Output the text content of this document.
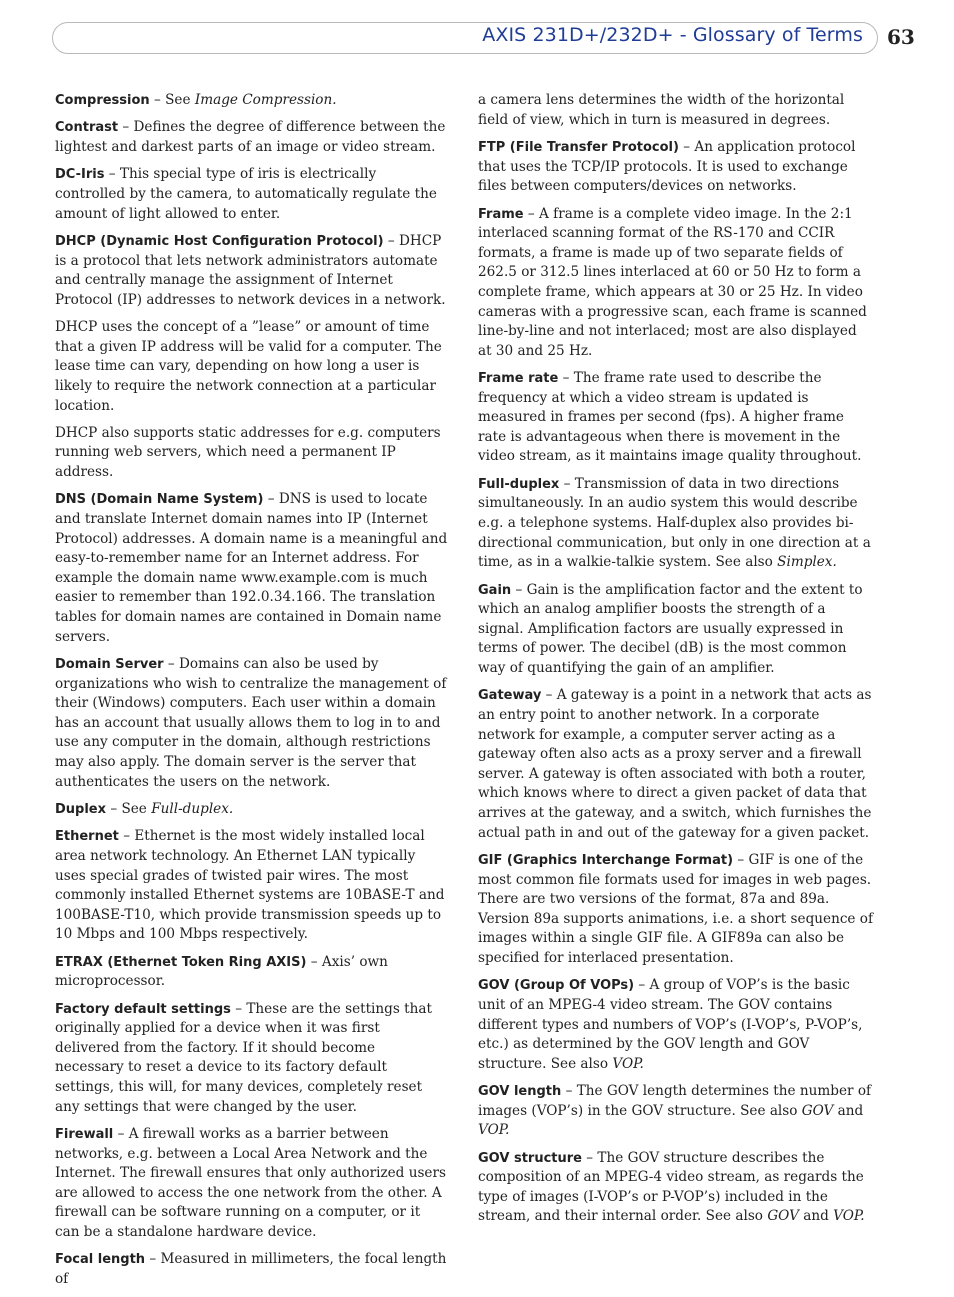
AXIS 231D+/232D+ - Glossary of Terms 63

Compression – See Image Compression.

Contrast – Defines the degree of difference between the lightest and darkest parts of an image or video stream.

DC-Iris – This special type of iris is electrically controlled by the camera, to automatically regulate the amount of light allowed to enter.

DHCP (Dynamic Host Configuration Protocol) – DHCP is a protocol that lets network administrators automate and centrally manage the assignment of Internet Protocol (IP) addresses to network devices in a network.

DHCP uses the concept of a ”lease” or amount of time that a given IP address will be valid for a computer. The lease time can vary, depending on how long a user is likely to require the network connection at a particular location.

DHCP also supports static addresses for e.g. computers running web servers, which need a permanent IP address.

DNS (Domain Name System) – DNS is used to locate and translate Internet domain names into IP (Internet Protocol) addresses. A domain name is a meaningful and easy-to-remember name for an Internet address. For example the domain name www.example.com is much easier to remember than 192.0.34.166. The translation tables for domain names are contained in Domain name servers.

Domain Server – Domains can also be used by organizations who wish to centralize the management of their (Windows) computers. Each user within a domain has an account that usually allows them to log in to and use any computer in the domain, although restrictions may also apply. The domain server is the server that authenticates the users on the network.

Duplex – See Full-duplex.

Ethernet – Ethernet is the most widely installed local area network technology. An Ethernet LAN typically uses special grades of twisted pair wires. The most commonly installed Ethernet systems are 10BASE-T and 100BASE-T10, which provide transmission speeds up to 10 Mbps and 100 Mbps respectively.

ETRAX (Ethernet Token Ring AXIS) – Axis’ own microprocessor.

Factory default settings – These are the settings that originally applied for a device when it was first delivered from the factory. If it should become necessary to reset a device to its factory default settings, this will, for many devices, completely reset any settings that were changed by the user.

Firewall – A firewall works as a barrier between networks, e.g. between a Local Area Network and the Internet. The firewall ensures that only authorized users are allowed to access the one network from the other. A firewall can be software running on a computer, or it can be a standalone hardware device.

Focal length – Measured in millimeters, the focal length of

a camera lens determines the width of the horizontal field of view, which in turn is measured in degrees.

FTP (File Transfer Protocol) – An application protocol that uses the TCP/IP protocols. It is used to exchange files between computers/devices on networks.

Frame – A frame is a complete video image. In the 2:1 interlaced scanning format of the RS-170 and CCIR formats, a frame is made up of two separate fields of 262.5 or 312.5 lines interlaced at 60 or 50 Hz to form a complete frame, which appears at 30 or 25 Hz. In video cameras with a progressive scan, each frame is scanned line-by-line and not interlaced; most are also displayed at 30 and 25 Hz.

Frame rate – The frame rate used to describe the frequency at which a video stream is updated is measured in frames per second (fps). A higher frame rate is advantageous when there is movement in the video stream, as it maintains image quality throughout.

Full-duplex – Transmission of data in two directions simultaneously. In an audio system this would describe e.g. a telephone systems. Half-duplex also provides bi-directional communication, but only in one direction at a time, as in a walkie-talkie system. See also Simplex.

Gain – Gain is the amplification factor and the extent to which an analog amplifier boosts the strength of a signal. Amplification factors are usually expressed in terms of power. The decibel (dB) is the most common way of quantifying the gain of an amplifier.

Gateway – A gateway is a point in a network that acts as an entry point to another network. In a corporate network for example, a computer server acting as a gateway often also acts as a proxy server and a firewall server. A gateway is often associated with both a router, which knows where to direct a given packet of data that arrives at the gateway, and a switch, which furnishes the actual path in and out of the gateway for a given packet.

GIF (Graphics Interchange Format) – GIF is one of the most common file formats used for images in web pages. There are two versions of the format, 87a and 89a. Version 89a supports animations, i.e. a short sequence of images within a single GIF file. A GIF89a can also be specified for interlaced presentation.

GOV (Group Of VOPs) – A group of VOP’s is the basic unit of an MPEG-4 video stream. The GOV contains different types and numbers of VOP’s (I-VOP’s, P-VOP’s, etc.) as determined by the GOV length and GOV structure. See also VOP.

GOV length – The GOV length determines the number of images (VOP’s) in the GOV structure. See also GOV and VOP.

GOV structure – The GOV structure describes the composition of an MPEG-4 video stream, as regards the type of images (I-VOP’s or P-VOP’s) included in the stream, and their internal order. See also GOV and VOP.
